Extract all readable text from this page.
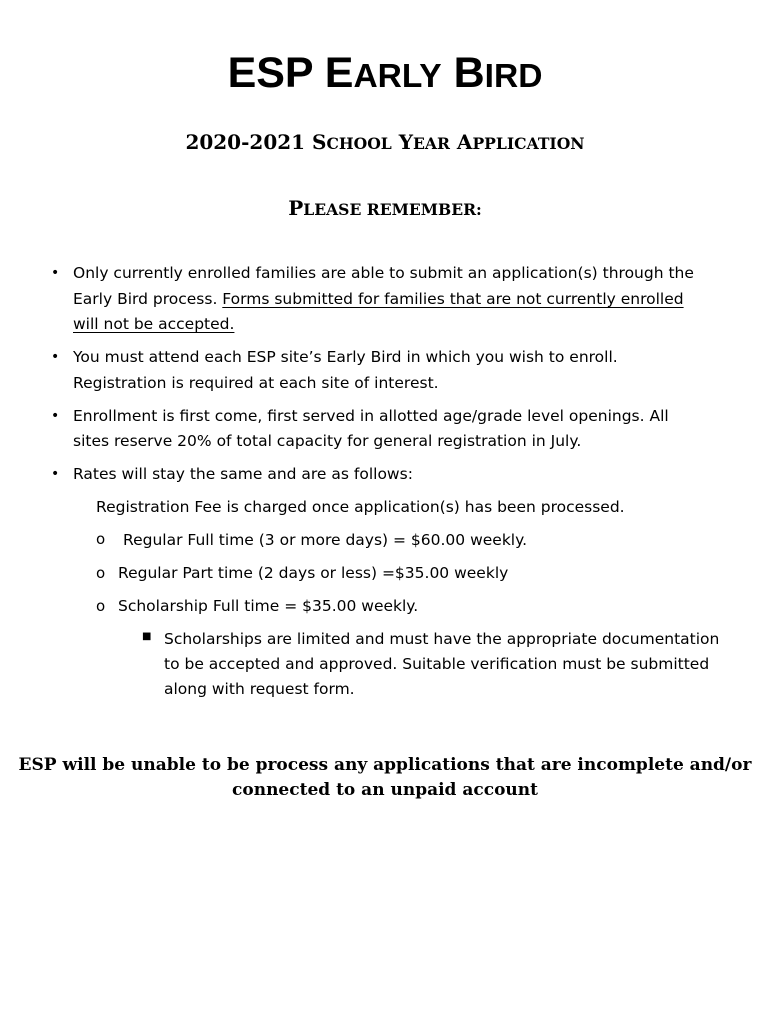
ESP EARLY BIRD
2020-2021 SCHOOL YEAR APPLICATION
PLEASE REMEMBER:
• Only currently enrolled families are able to submit an application(s) through the
Early Bird process. Forms submitted for families that are not currently enrolled
will not be accepted.
• You must attend each ESP site’s Early Bird in which you wish to enroll.
Registration is required at each site of interest.
• Enrollment is first come, first served in allotted age/grade level openings. All
sites reserve 20% of total capacity for general registration in July.
• Rates will stay the same and are as follows:
Registration Fee is charged once application(s) has been processed.
o Regular Full time (3 or more days) = $60.00 weekly.
o Regular Part time (2 days or less) =$35.00 weekly
o Scholarship Full time = $35.00 weekly.
■ Scholarships are limited and must have the appropriate documentation
to be accepted and approved. Suitable verification must be submitted
along with request form.
ESP will be unable to be process any applications that are incomplete and/or
connected to an unpaid account
